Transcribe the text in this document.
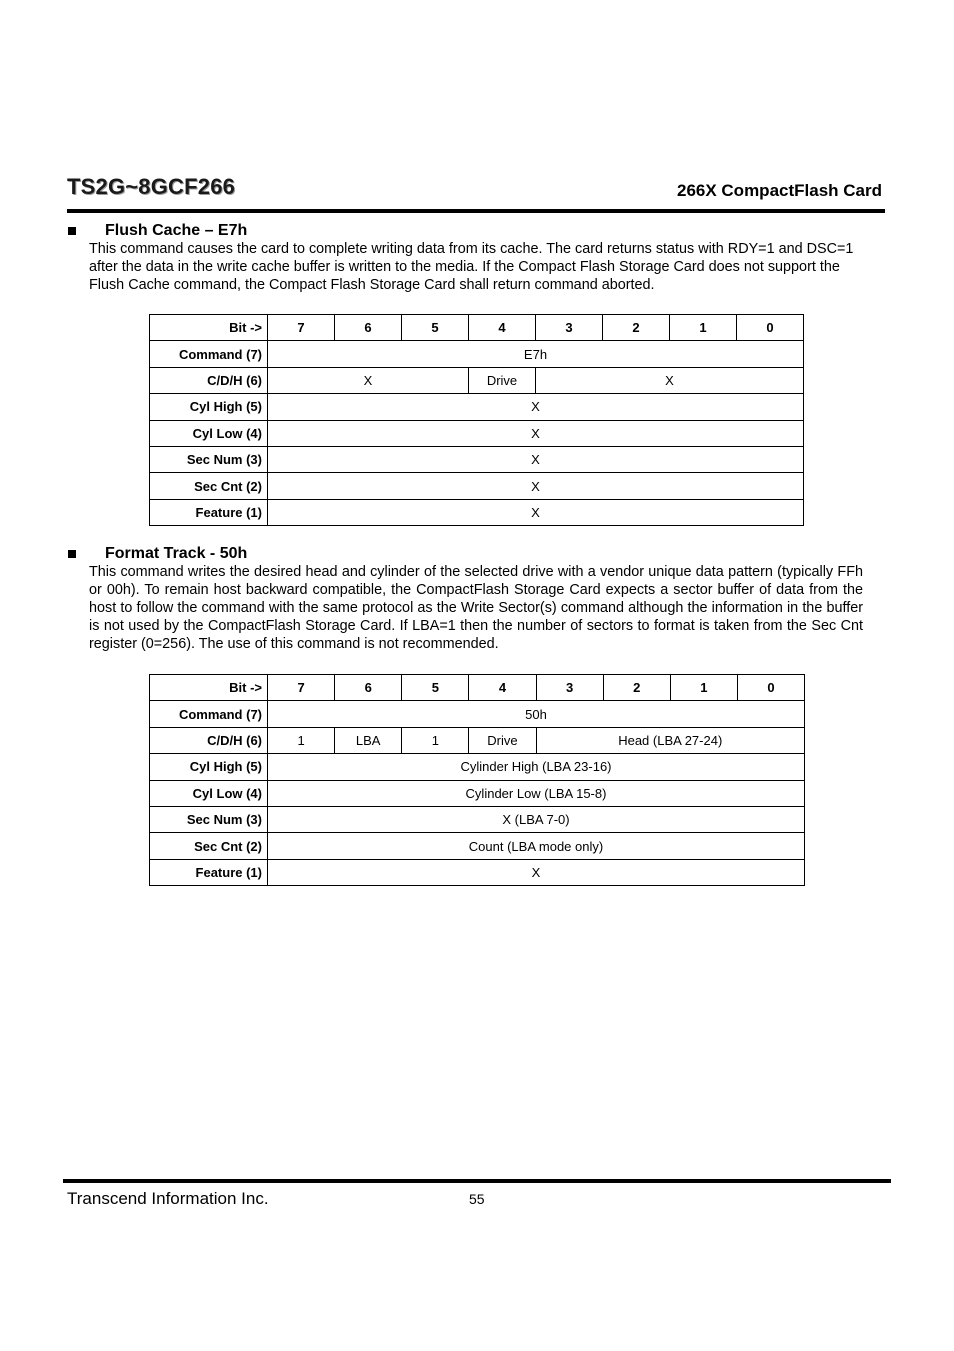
TS2G~8GCF266	266X CompactFlash Card
Flush Cache – E7h
This command causes the card to complete writing data from its cache. The card returns status with RDY=1 and DSC=1 after the data in the write cache buffer is written to the media. If the Compact Flash Storage Card does not support the Flush Cache command, the Compact Flash Storage Card shall return command aborted.
Bit ->	7	6	5	4	3	2	1	0
Command (7)	E7h							
C/D/H (6)	X			Drive	X			
Cyl High (5)	X							
Cyl Low (4)	X							
Sec Num (3)	X							
Sec Cnt (2)	X							
Feature (1)	X							
Format Track - 50h
This command writes the desired head and cylinder of the selected drive with a vendor unique data pattern (typically FFh or 00h). To remain host backward compatible, the CompactFlash Storage Card expects a sector buffer of data from the host to follow the command with the same protocol as the Write Sector(s) command although the information in the buffer is not used by the CompactFlash Storage Card. If LBA=1 then the number of sectors to format is taken from the Sec Cnt register (0=256). The use of this command is not recommended.
Bit ->	7	6	5	4	3	2	1	0
Command (7)	50h							
C/D/H (6)	1	LBA	1	Drive	Head (LBA 27-24)			
Cyl High (5)	Cylinder High (LBA 23-16)							
Cyl Low (4)	Cylinder Low (LBA 15-8)							
Sec Num (3)	X (LBA 7-0)							
Sec Cnt (2)	Count (LBA mode only)							
Feature (1)	X							
Transcend Information Inc.	55
